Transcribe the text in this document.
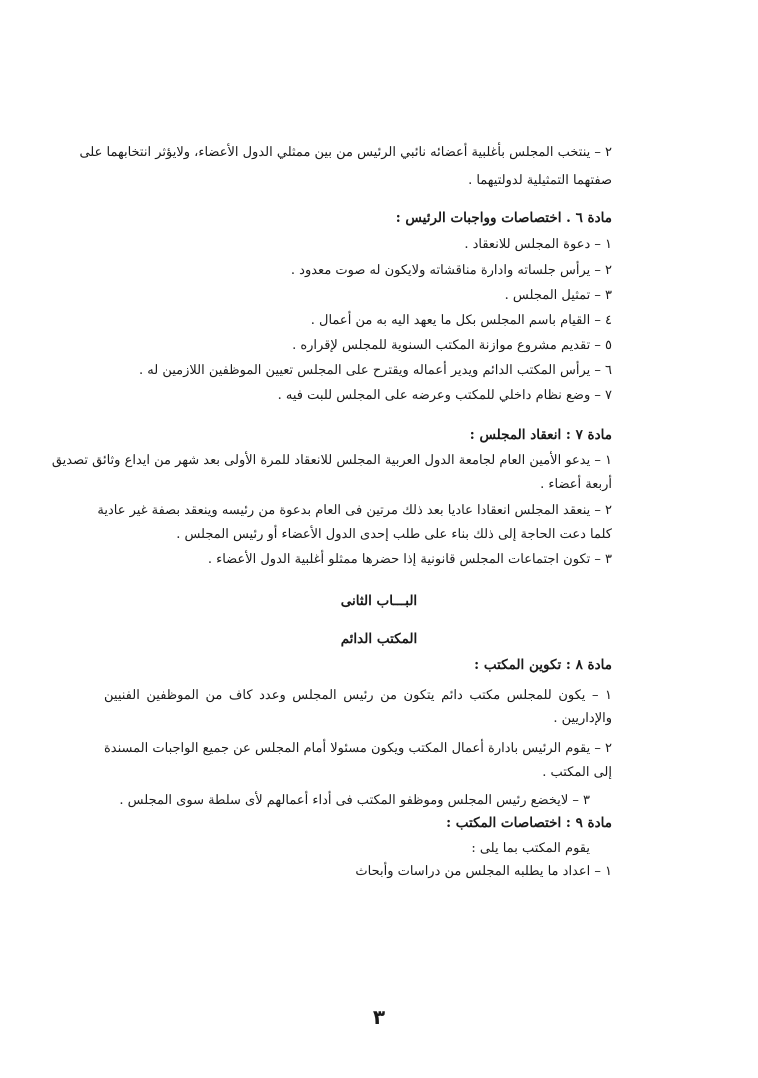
٢ – ينتخب المجلس بأغلبية أعضائه نائبي الرئيس من بين ممثلي الدول الأعضاء، ولايؤثر انتخابهما على
صفتهما التمثيلية لدولتيهما .
مادة ٦ . اختصاصات وواجبات الرئيس :
١ – دعوة المجلس للانعقاد .
٢ – يرأس جلساته وادارة مناقشاته ولايكون له صوت معدود .
٣ – تمثيل المجلس .
٤ – القيام باسم المجلس بكل ما يعهد اليه به من أعمال .
٥ – تقديم مشروع موازنة المكتب السنوية للمجلس لإقراره .
٦ – يرأس المكتب الدائم ويدير أعماله ويقترح على المجلس تعيين الموظفين اللازمين له .
٧ – وضع نظام داخلي للمكتب وعرضه على المجلس للبت فيه .
مادة ٧ : انعقاد المجلس :
١ – يدعو الأمين العام لجامعة الدول العربية المجلس للانعقاد للمرة الأولى بعد شهر من ايداع وثائق تصديق
أربعة أعضاء .
٢ – ينعقد المجلس انعقادا عاديا بعد ذلك مرتين فى العام بدعوة من رئيسه وينعقد بصفة غير عادية
كلما دعت الحاجة إلى ذلك بناء على طلب إحدى الدول الأعضاء أو رئيس المجلس .
٣ – تكون اجتماعات المجلس قانونية إذا حضرها ممثلو أغلبية الدول الأعضاء .
البـــاب الثانى
المكتب الدائم
مادة ٨ : تكوين المكتب :
١ – يكون للمجلس مكتب دائم يتكون من رئيس المجلس وعدد كاف من الموظفين الفنيين
والإداريين .
٢ – يقوم الرئيس بادارة أعمال المكتب ويكون مسئولا أمام المجلس عن جميع الواجبات المسندة
إلى المكتب .
٣ – لايخضع رئيس المجلس وموظفو المكتب فى أداء أعمالهم لأى سلطة سوى المجلس .
مادة ٩ : اختصاصات المكتب :
يقوم المكتب بما يلى :
١ – اعداد ما يطلبه المجلس من دراسات وأبحاث
٣
